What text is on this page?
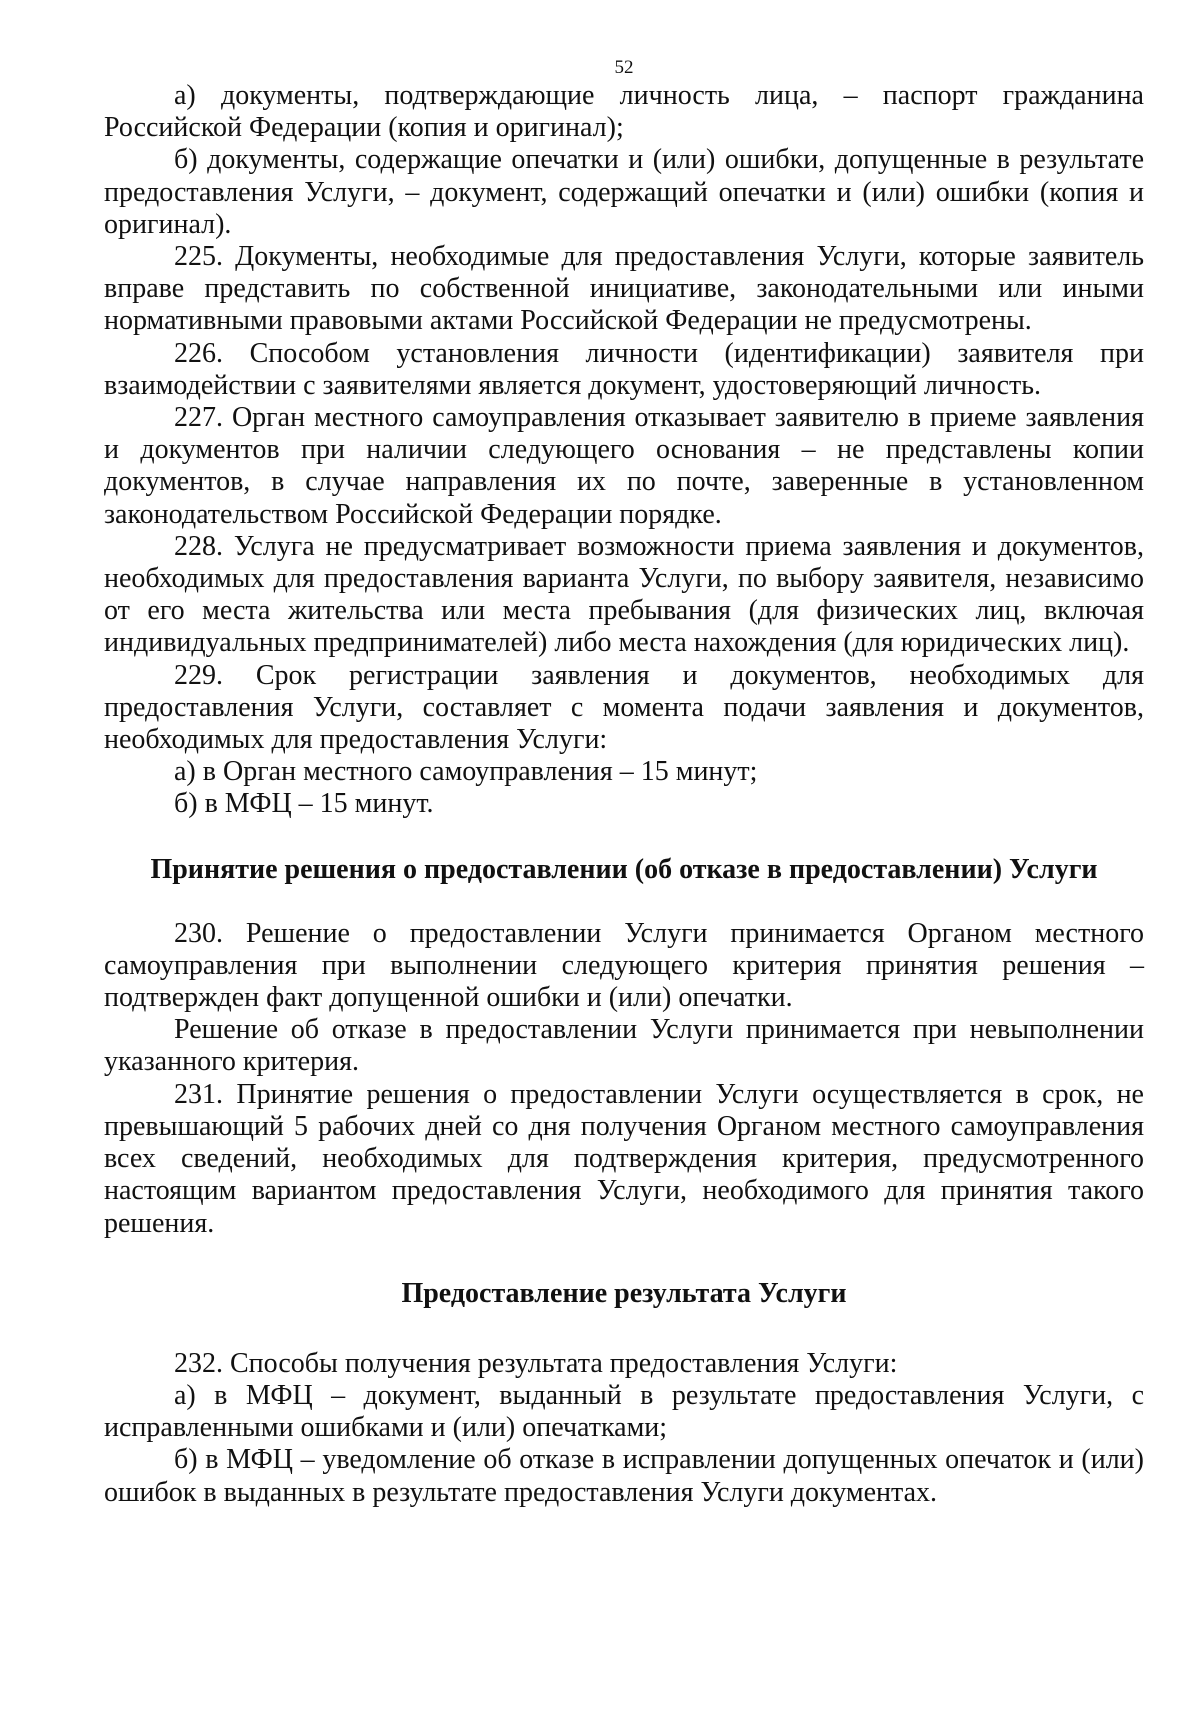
52

а) документы, подтверждающие личность лица, – паспорт гражданина Российской Федерации (копия и оригинал);

б) документы, содержащие опечатки и (или) ошибки, допущенные в результате предоставления Услуги, – документ, содержащий опечатки и (или) ошибки (копия и оригинал).

225. Документы, необходимые для предоставления Услуги, которые заявитель вправе представить по собственной инициативе, законодательными или иными нормативными правовыми актами Российской Федерации не предусмотрены.

226. Способом установления личности (идентификации) заявителя при взаимодействии с заявителями является документ, удостоверяющий личность.

227. Орган местного самоуправления отказывает заявителю в приеме заявления и документов при наличии следующего основания – не представлены копии документов, в случае направления их по почте, заверенные в установленном законодательством Российской Федерации порядке.

228. Услуга не предусматривает возможности приема заявления и документов, необходимых для предоставления варианта Услуги, по выбору заявителя, независимо от его места жительства или места пребывания (для физических лиц, включая индивидуальных предпринимателей) либо места нахождения (для юридических лиц).

229. Срок регистрации заявления и документов, необходимых для предоставления Услуги, составляет с момента подачи заявления и документов, необходимых для предоставления Услуги:

а) в Орган местного самоуправления – 15 минут;

б) в МФЦ – 15 минут.

Принятие решения о предоставлении (об отказе в предоставлении) Услуги

230. Решение о предоставлении Услуги принимается Органом местного самоуправления при выполнении следующего критерия принятия решения – подтвержден факт допущенной ошибки и (или) опечатки.

Решение об отказе в предоставлении Услуги принимается при невыполнении указанного критерия.

231. Принятие решения о предоставлении Услуги осуществляется в срок, не превышающий 5 рабочих дней со дня получения Органом местного самоуправления всех сведений, необходимых для подтверждения критерия, предусмотренного настоящим вариантом предоставления Услуги, необходимого для принятия такого решения.

Предоставление результата Услуги

232. Способы получения результата предоставления Услуги:

а) в МФЦ – документ, выданный в результате предоставления Услуги, с исправленными ошибками и (или) опечатками;

б) в МФЦ – уведомление об отказе в исправлении допущенных опечаток и (или) ошибок в выданных в результате предоставления Услуги документах.
